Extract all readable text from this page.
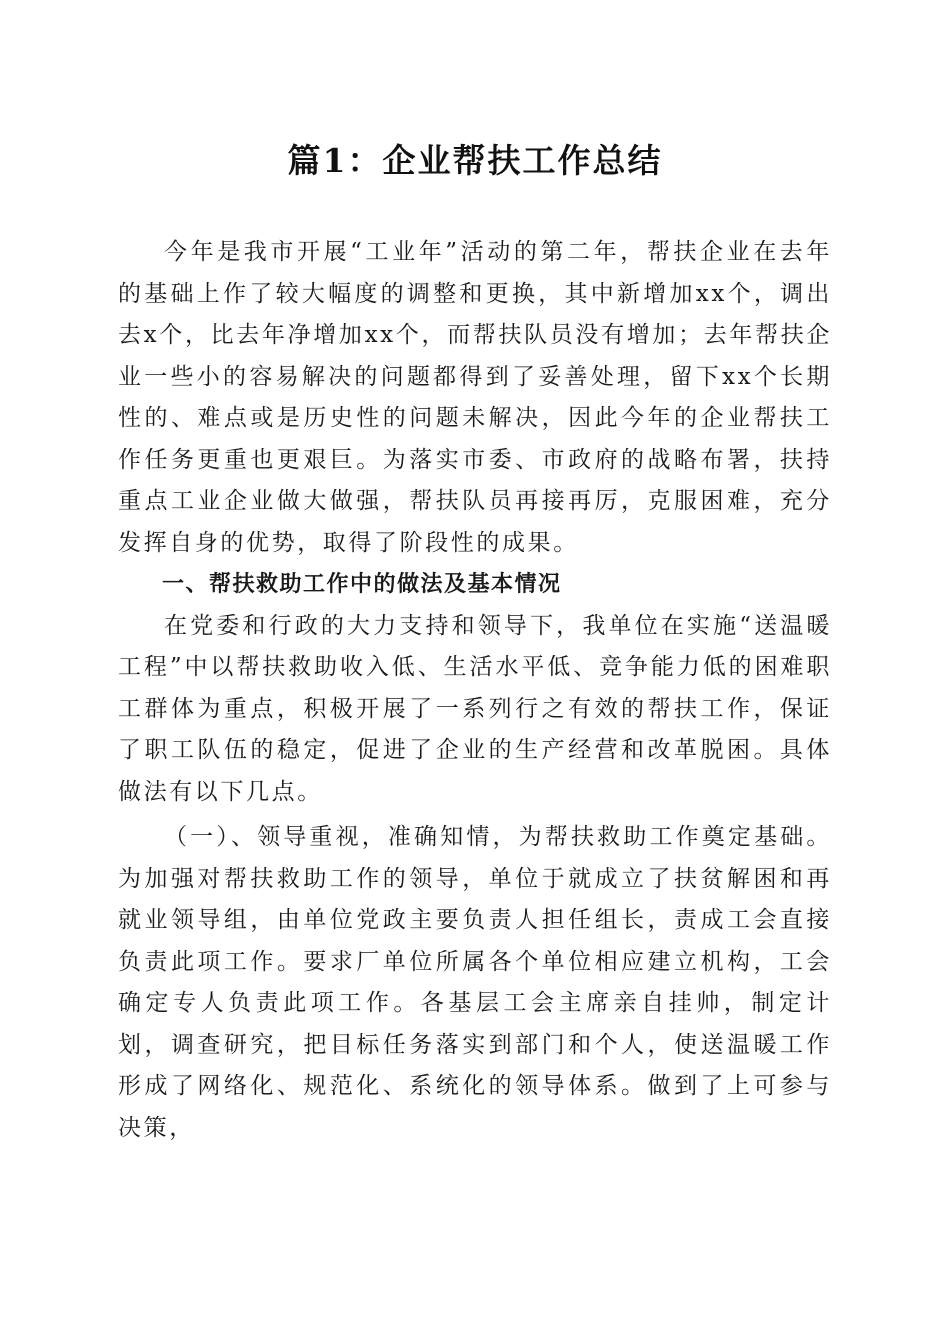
篇1：企业帮扶工作总结

今年是我市开展“工业年”活动的第二年，帮扶企业在去年的基础上作了较大幅度的调整和更换，其中新增加xx个，调出去x个，比去年净增加xx个，而帮扶队员没有增加；去年帮扶企业一些小的容易解决的问题都得到了妥善处理，留下xx个长期性的、难点或是历史性的问题未解决，因此今年的企业帮扶工作任务更重也更艰巨。为落实市委、市政府的战略布署，扶持重点工业企业做大做强，帮扶队员再接再厉，克服困难，充分发挥自身的优势，取得了阶段性的成果。

一、帮扶救助工作中的做法及基本情况

在党委和行政的大力支持和领导下，我单位在实施“送温暖工程”中以帮扶救助收入低、生活水平低、竞争能力低的困难职工群体为重点，积极开展了一系列行之有效的帮扶工作，保证了职工队伍的稳定，促进了企业的生产经营和改革脱困。具体做法有以下几点。

（一）、领导重视，准确知情，为帮扶救助工作奠定基础。为加强对帮扶救助工作的领导，单位于就成立了扶贫解困和再就业领导组，由单位党政主要负责人担任组长，责成工会直接负责此项工作。要求厂单位所属各个单位相应建立机构，工会确定专人负责此项工作。各基层工会主席亲自挂帅，制定计划，调查研究，把目标任务落实到部门和个人，使送温暖工作形成了网络化、规范化、系统化的领导体系。做到了上可参与决策，
